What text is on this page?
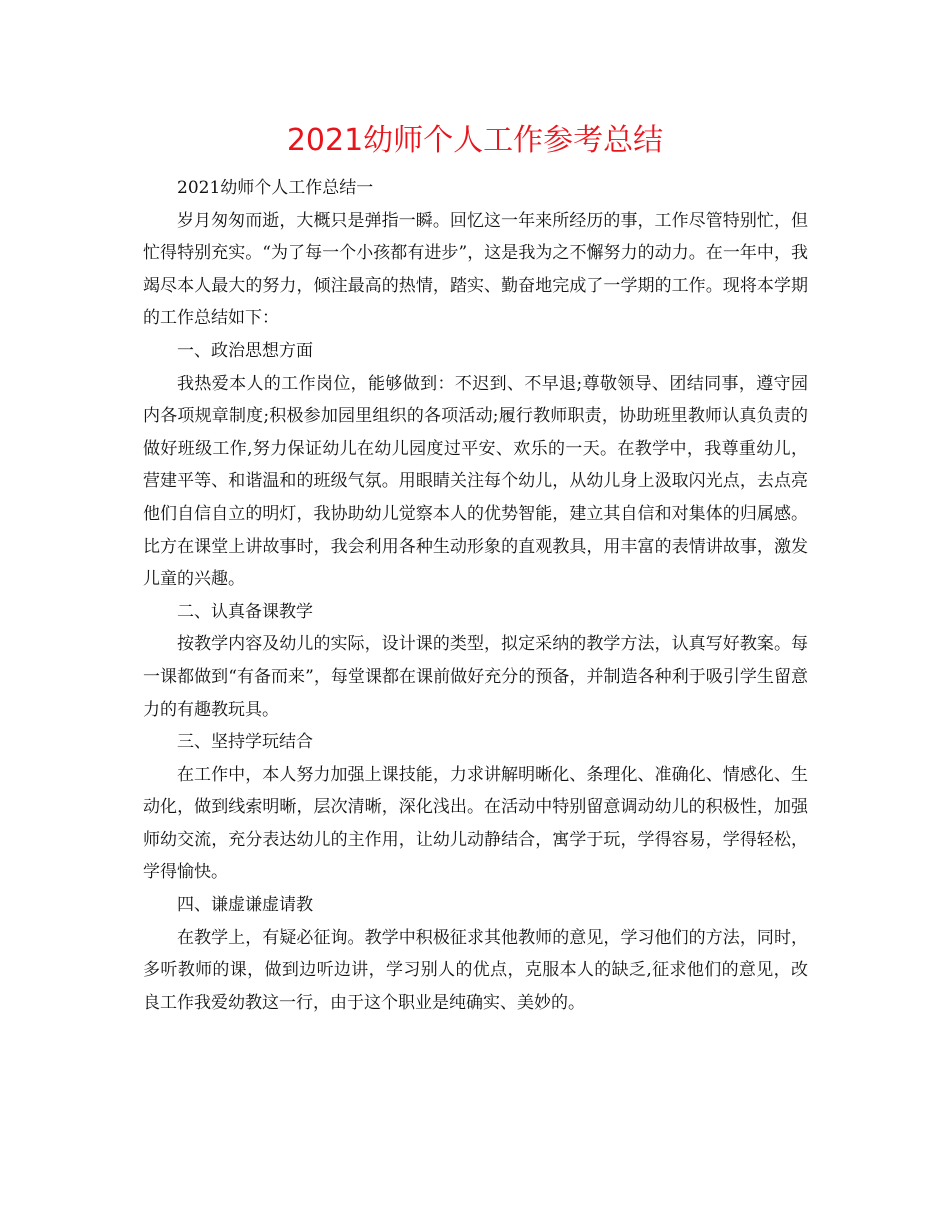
2021幼师个人工作参考总结

2021幼师个人工作总结一

岁月匆匆而逝，大概只是弹指一瞬。回忆这一年来所经历的事，工作尽管特别忙，但忙得特别充实。“为了每一个小孩都有进步”，这是我为之不懈努力的动力。在一年中，我竭尽本人最大的努力，倾注最高的热情，踏实、勤奋地完成了一学期的工作。现将本学期的工作总结如下：

一、政治思想方面

我热爱本人的工作岗位，能够做到：不迟到、不早退;尊敬领导、团结同事，遵守园内各项规章制度;积极参加园里组织的各项活动;履行教师职责，协助班里教师认真负责的做好班级工作,努力保证幼儿在幼儿园度过平安、欢乐的一天。在教学中，我尊重幼儿，营建平等、和谐温和的班级气氛。用眼睛关注每个幼儿，从幼儿身上汲取闪光点，去点亮他们自信自立的明灯，我协助幼儿觉察本人的优势智能，建立其自信和对集体的归属感。比方在课堂上讲故事时，我会利用各种生动形象的直观教具，用丰富的表情讲故事，激发儿童的兴趣。

二、认真备课教学

按教学内容及幼儿的实际，设计课的类型，拟定采纳的教学方法，认真写好教案。每一课都做到“有备而来”，每堂课都在课前做好充分的预备，并制造各种利于吸引学生留意力的有趣教玩具。

三、坚持学玩结合

在工作中，本人努力加强上课技能，力求讲解明晰化、条理化、准确化、情感化、生动化，做到线索明晰，层次清晰，深化浅出。在活动中特别留意调动幼儿的积极性，加强师幼交流，充分表达幼儿的主作用，让幼儿动静结合，寓学于玩，学得容易，学得轻松，学得愉快。

四、谦虚谦虚请教

在教学上，有疑必征询。教学中积极征求其他教师的意见，学习他们的方法，同时，多听教师的课，做到边听边讲，学习别人的优点，克服本人的缺乏,征求他们的意见，改良工作我爱幼教这一行，由于这个职业是纯确实、美妙的。
